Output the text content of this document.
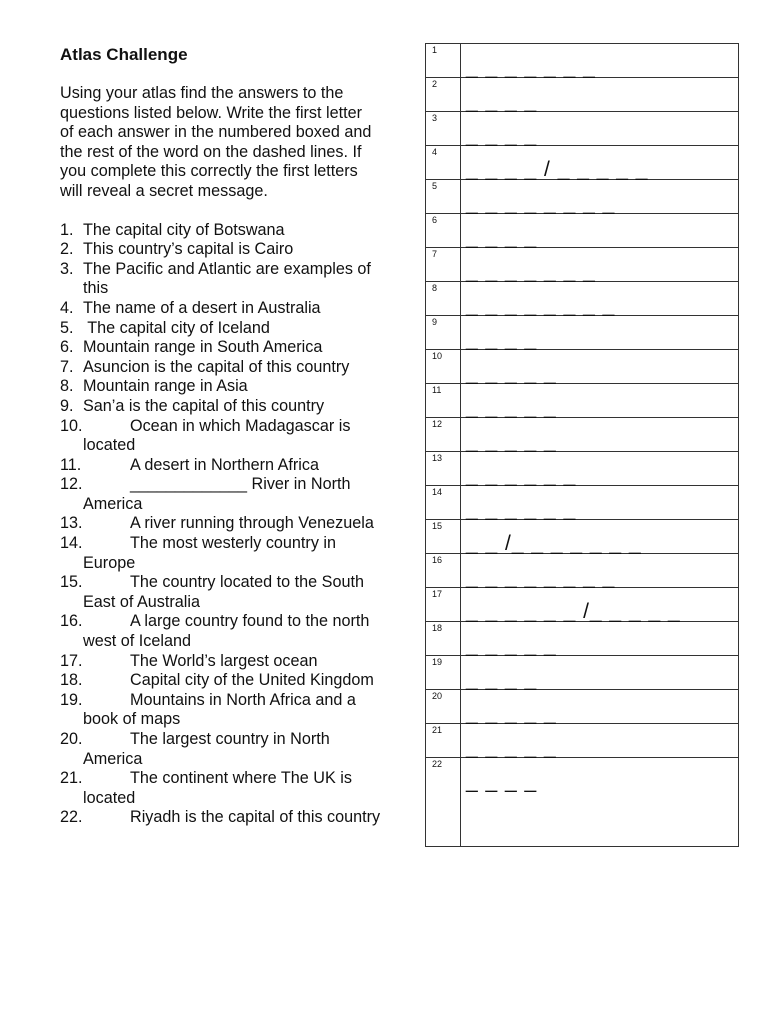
Atlas Challenge

Using your atlas find the answers to the

questions listed below. Write the first letter

of each answer in the numbered boxed and

the rest of the word on the dashed lines. If

you complete this correctly the first letters

will reveal a secret message.

1. The capital city of Botswana
2. This country’s capital is Cairo
3. The Pacific and Atlantic are examples of
this
4. The name of a desert in Australia
5. The capital city of Iceland
6. Mountain range in South America
7. Asuncion is the capital of this country
8. Mountain range in Asia
9. San’a is the capital of this country
10.	Ocean in which Madagascar is
located
11.	A desert in Northern Africa
12.	_____________ River in North
America
13.	A river running through Venezuela
14.	The most westerly country in
Europe
15.	The country located to the South
East of Australia
16.	A large country found to the north
west of Iceland
17.	The World’s largest ocean
18.	Capital city of the United Kingdom
19.	Mountains in North Africa and a
book of maps
20.	The largest country in North
America
21.	The continent where The UK is
located
22.	Riyadh is the capital of this country
1
_ _ _ _ _ _ _
2
_ _ _ _
3
_ _ _ _
4
_ _ _ _ / _ _ _ _ _
5
_ _ _ _ _ _ _ _
6
_ _ _ _
7
_ _ _ _ _ _ _
8
_ _ _ _ _ _ _ _
9
_ _ _ _
10
_ _ _ _ _
11
_ _ _ _ _
12
_ _ _ _ _
13
_ _ _ _ _ _
14
_ _ _ _ _ _
15
_ _ /_ _ _ _ _ _ _
16
_ _ _ _ _ _ _ _
17
_ _ _ _ _ _ /_ _ _ _ _
18
_ _ _ _ _
19
_ _ _ _
20
_ _ _ _ _
21
_ _ _ _ _
22
_ _ _ _
